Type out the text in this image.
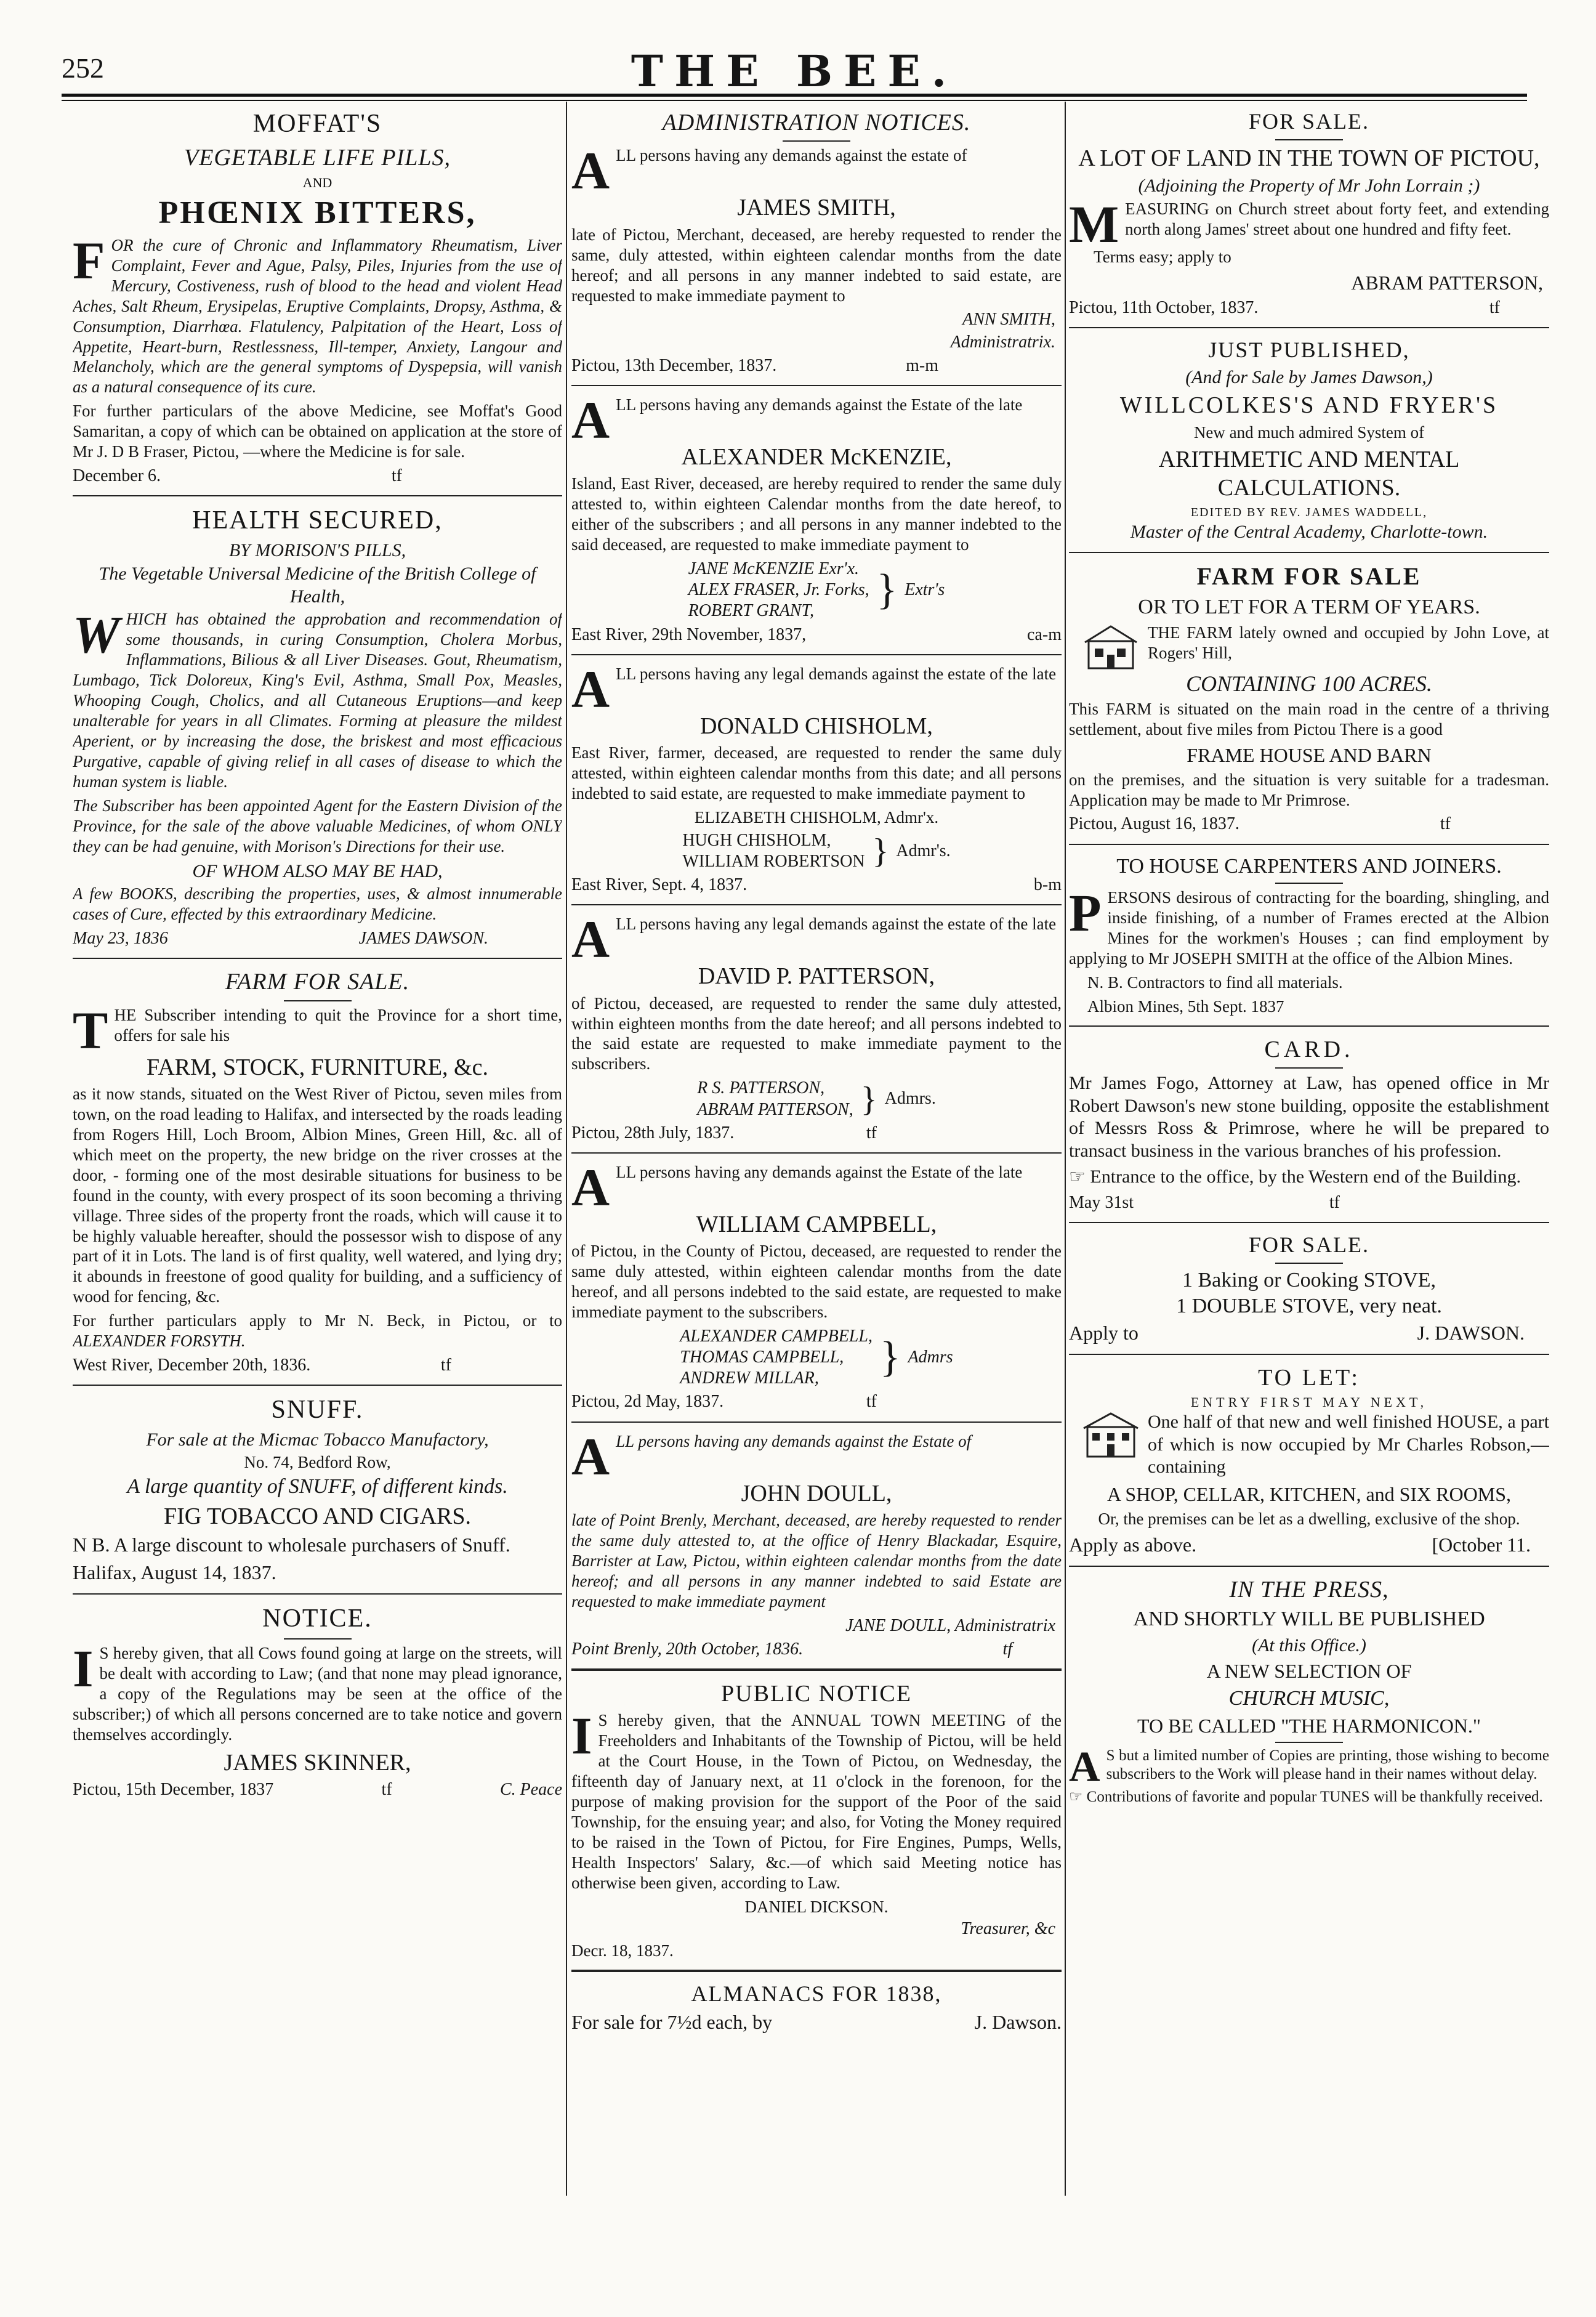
252	THE BEE.
MOFFAT'S
VEGETABLE LIFE PILLS,
AND
PHŒNIX BITTERS,

FOR the cure of Chronic and Inflammatory Rheumatism, Liver Complaint, Fever and Ague, Palsy, Piles, Injuries from the use of Mercury, Costiveness, rush of blood to the head and violent Head Aches, Salt Rheum, Erysipelas, Eruptive Complaints, Dropsy, Asthma, & Consumption, Diarrhœa. Flatulency, Palpitation of the Heart, Loss of Appetite, Heart-burn, Restlessness, Ill-temper, Anxiety, Langour and Melancholy, which are the general symptoms of Dyspepsia, will vanish as a natural consequence of its cure.

For further particulars of the above Medicine, see Moffat's Good Samaritan, a copy of which can be obtained on application at the store of Mr J. D B Fraser, Pictou, —where the Medicine is for sale.

December 6.	tf
HEALTH SECURED,
BY MORISON'S PILLS,
The Vegetable Universal Medicine of the British College of Health,

WHICH has obtained the approbation and recommendation of some thousands, in curing Consumption, Cholera Morbus, Inflammations, Bilious & all Liver Diseases. Gout, Rheumatism, Lumbago, Tick Doloreux, King's Evil, Asthma, Small Pox, Measles, Whooping Cough, Cholics, and all Cutaneous Eruptions—and keep unalterable for years in all Climates. Forming at pleasure the mildest Aperient, or by increasing the dose, the briskest and most efficacious Purgative, capable of giving relief in all cases of disease to which the human system is liable.

The Subscriber has been appointed Agent for the Eastern Division of the Province, for the sale of the above valuable Medicines, of whom ONLY they can be had genuine, with Morison's Directions for their use.

OF WHOM ALSO MAY BE HAD,

A few BOOKS, describing the properties, uses, & almost innumerable cases of Cure, effected by this extraordinary Medicine.

May 23, 1836	JAMES DAWSON.
FARM FOR SALE.

THE Subscriber intending to quit the Province for a short time, offers for sale his

FARM, STOCK, FURNITURE, &c.

as it now stands, situated on the West River of Pictou, seven miles from town, on the road leading to Halifax, and intersected by the roads leading from Rogers Hill, Loch Broom, Albion Mines, Green Hill, &c. all of which meet on the property, the new bridge on the river crosses at the door, - forming one of the most desirable situations for business to be found in the county, with every prospect of its soon becoming a thriving village. Three sides of the property front the roads, which will cause it to be highly valuable hereafter, should the possessor wish to dispose of any part of it in Lots. The land is of first quality, well watered, and lying dry; it abounds in freestone of good quality for building, and a sufficiency of wood for fencing, &c.

For further particulars apply to Mr N. Beck, in Pictou, or to ALEXANDER FORSYTH.

West River, December 20th, 1836.	tf
SNUFF.
For sale at the Micmac Tobacco Manufactory,
No. 74, Bedford Row,
A large quantity of SNUFF, of different kinds.
FIG TOBACCO AND CIGARS.

N B. A large discount to wholesale purchasers of Snuff.

Halifax, August 14, 1837.

NOTICE.

I S hereby given, that all Cows found going at large on the streets, will be dealt with according to Law; (and that none may plead ignorance, a copy of the Regulations may be seen at the office of the subscriber;) of which all persons concerned are to take notice and govern themselves accordingly.

JAMES SKINNER,
Pictou, 15th December, 1837	tf	C. Peace
ADMINISTRATION NOTICES.

ALL persons having any demands against the estate of

JAMES SMITH,

late of Pictou, Merchant, deceased, are hereby requested to render the same, duly attested, within eighteen calendar months from the date hereof; and all persons in any manner indebted to said estate, are requested to make immediate payment to

ANN SMITH,
Administratrix.
Pictou, 13th December, 1837.	m-m

ALL persons having any demands against the Estate of the late

ALEXANDER McKENZIE,

Island, East River, deceased, are hereby required to render the same duly attested to, within eighteen Calendar months from the date hereof, to either of the subscribers ; and all persons in any manner indebted to the said deceased, are requested to make immediate payment to

JANE McKENZIE Exr'x.
ALEX FRASER, Jr. Forks,
ROBERT GRANT,	} Extr's
East River, 29th November, 1837,	ca-m

ALL persons having any legal demands against the estate of the late

DONALD CHISHOLM,

East River, farmer, deceased, are requested to render the same duly attested, within eighteen calendar months from this date; and all persons indebted to said estate, are requested to make immediate payment to

ELIZABETH CHISHOLM, Admr'x.
HUGH CHISHOLM,
WILLIAM ROBERTSON } Admr's.
East River, Sept. 4, 1837.	b-m

ALL persons having any legal demands against the estate of the late

DAVID P. PATTERSON,

of Pictou, deceased, are requested to render the same duly attested, within eighteen months from the date hereof; and all persons indebted to the said estate are requested to make immediate payment to the subscribers.

R S. PATTERSON,
ABRAM PATTERSON, } Admrs.
Pictou, 28th July, 1837.	tf

ALL persons having any demands against the Estate of the late

WILLIAM CAMPBELL,

of Pictou, in the County of Pictou, deceased, are requested to render the same duly attested, within eighteen calendar months from the date hereof, and all persons indebted to the said estate, are requested to make immediate payment to the subscribers.

ALEXANDER CAMPBELL,
THOMAS CAMPBELL,
ANDREW MILLAR,	} Admrs
Pictou, 2d May, 1837.	tf

ALL persons having any demands against the Estate of

JOHN DOULL,

late of Point Brenly, Merchant, deceased, are hereby requested to render the same duly attested to, at the office of Henry Blackadar, Esquire, Barrister at Law, Pictou, within eighteen calendar months from the date hereof; and all persons in any manner indebted to said Estate are requested to make immediate payment

JANE DOULL, Administratrix
Point Brenly, 20th October, 1836.	tf
PUBLIC NOTICE

I S hereby given, that the ANNUAL TOWN MEETING of the Freeholders and Inhabitants of the Township of Pictou, will be held at the Court House, in the Town of Pictou, on Wednesday, the fifteenth day of January next, at 11 o'clock in the forenoon, for the purpose of making provision for the support of the Poor of the said Township, for the ensuing year; and also, for Voting the Money required to be raised in the Town of Pictou, for Fire Engines, Pumps, Wells, Health Inspectors' Salary, &c.—of which said Meeting notice has otherwise been given, according to Law.

DANIEL DICKSON.
Treasurer, &c

Decr. 18, 1837.

ALMANACS FOR 1838,
For sale for 7½d each, by	J. Dawson.
FOR SALE.
A LOT OF LAND IN THE TOWN OF PICTOU,
(Adjoining the Property of Mr John Lorrain ;)

MEASURING on Church street about forty feet, and extending north along James' street about one hundred and fifty feet.

Terms easy; apply to

ABRAM PATTERSON,
Pictou, 11th October, 1837.	tf
JUST PUBLISHED,
(And for Sale by James Dawson,)
WILLCOLKES'S AND FRYER'S
New and much admired System of
ARITHMETIC AND MENTAL CALCULATIONS.
EDITED BY REV. JAMES WADDELL,
Master of the Central Academy, Charlotte-town.
FARM FOR SALE
OR TO LET FOR A TERM OF YEARS.

THE FARM lately owned and occupied by John Love, at Rogers' Hill,

CONTAINING 100 ACRES.

This FARM is situated on the main road in the centre of a thriving settlement, about five miles from Pictou There is a good

FRAME HOUSE AND BARN

on the premises, and the situation is very suitable for a tradesman. Application may be made to Mr Primrose.

Pictou, August 16, 1837.	tf
TO HOUSE CARPENTERS AND JOINERS.

PERSONS desirous of contracting for the boarding, shingling, and inside finishing, of a number of Frames erected at the Albion Mines for the workmen's Houses ; can find employment by applying to Mr JOSEPH SMITH at the office of the Albion Mines.

N. B. Contractors to find all materials.

Albion Mines, 5th Sept. 1837

CARD.

Mr James Fogo, Attorney at Law, has opened office in Mr Robert Dawson's new stone building, opposite the establishment of Messrs Ross & Primrose, where he will be prepared to transact business in the various branches of his profession.

☞ Entrance to the office, by the Western end of the Building.

May 31st	tf
FOR SALE.
1 Baking or Cooking STOVE,
1 DOUBLE STOVE, very neat.
Apply to	J. DAWSON.
TO LET:
ENTRY FIRST MAY NEXT,

One half of that new and well finished HOUSE, a part of which is now occupied by Mr Charles Robson,—containing

A SHOP, CELLAR, KITCHEN, and SIX ROOMS,

Or, the premises can be let as a dwelling, exclusive of the shop.

Apply as above.	[October 11.
IN THE PRESS,
AND SHORTLY WILL BE PUBLISHED
(At this Office.)
A NEW SELECTION OF
CHURCH MUSIC,
TO BE CALLED "THE HARMONICON."

A S but a limited number of Copies are printing, those wishing to become subscribers to the Work will please hand in their names without delay.

☞ Contributions of favorite and popular TUNES will be thankfully received.
